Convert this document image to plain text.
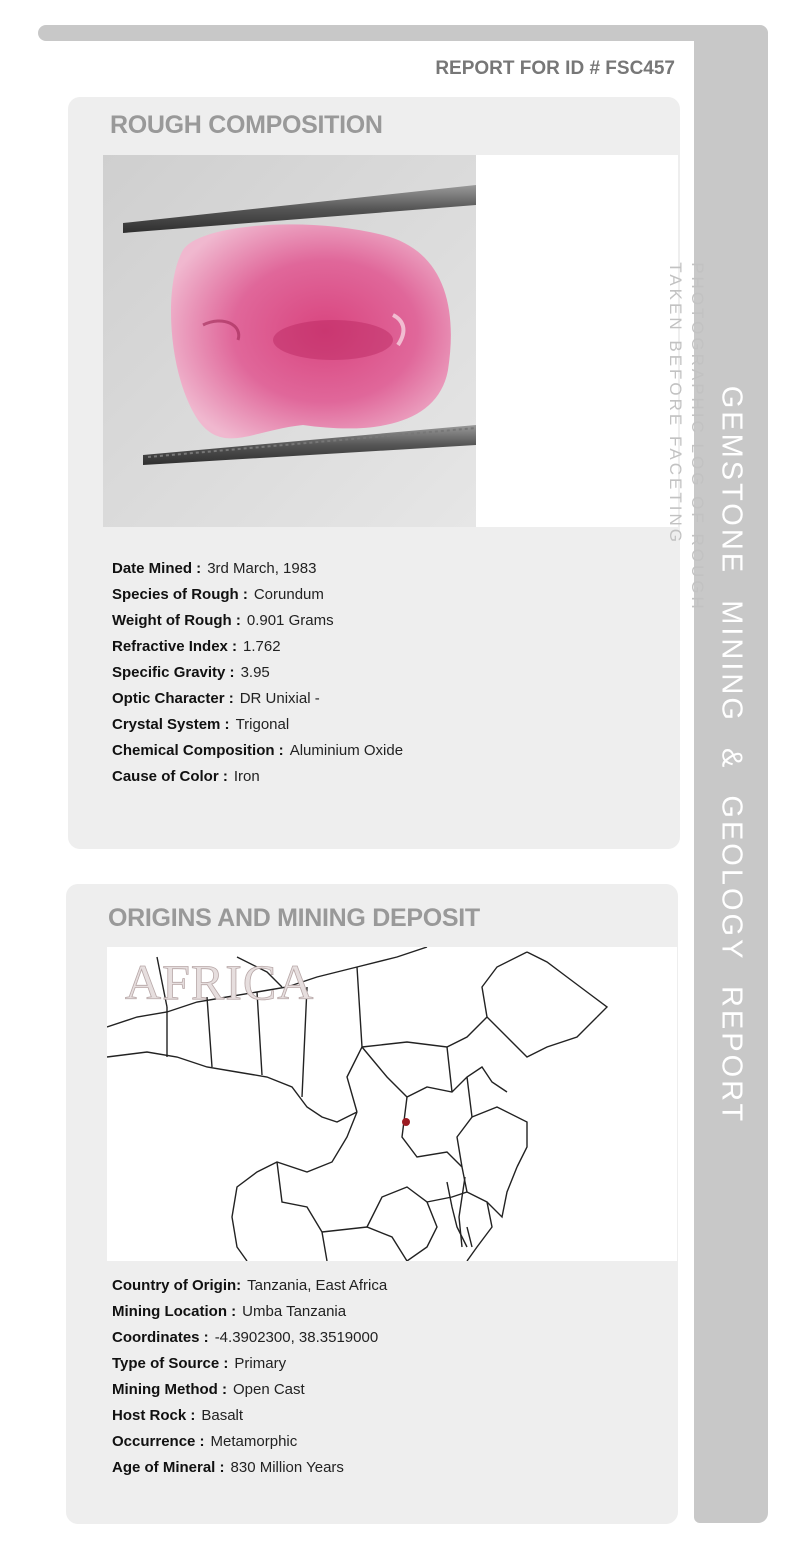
GEMSTONE MINING & GEOLOGY REPORT
REPORT FOR ID # FSC457
ROUGH COMPOSITION
PHOTOGRAPHIC LOG OF ROUGH
TAKEN BEFORE FACETING
Date Mined : 3rd March, 1983
Species of Rough : Corundum
Weight of Rough : 0.901 Grams
Refractive Index : 1.762
Specific Gravity : 3.95
Optic Character : DR Unixial -
Crystal System : Trigonal
Chemical Composition : Aluminium Oxide
Cause of Color : Iron
ORIGINS AND MINING DEPOSIT
AFRICA
Country of Origin: Tanzania, East Africa
Mining Location : Umba Tanzania
Coordinates : -4.3902300, 38.3519000
Type of Source : Primary
Mining Method : Open Cast
Host Rock : Basalt
Occurrence : Metamorphic
Age of Mineral : 830 Million Years
